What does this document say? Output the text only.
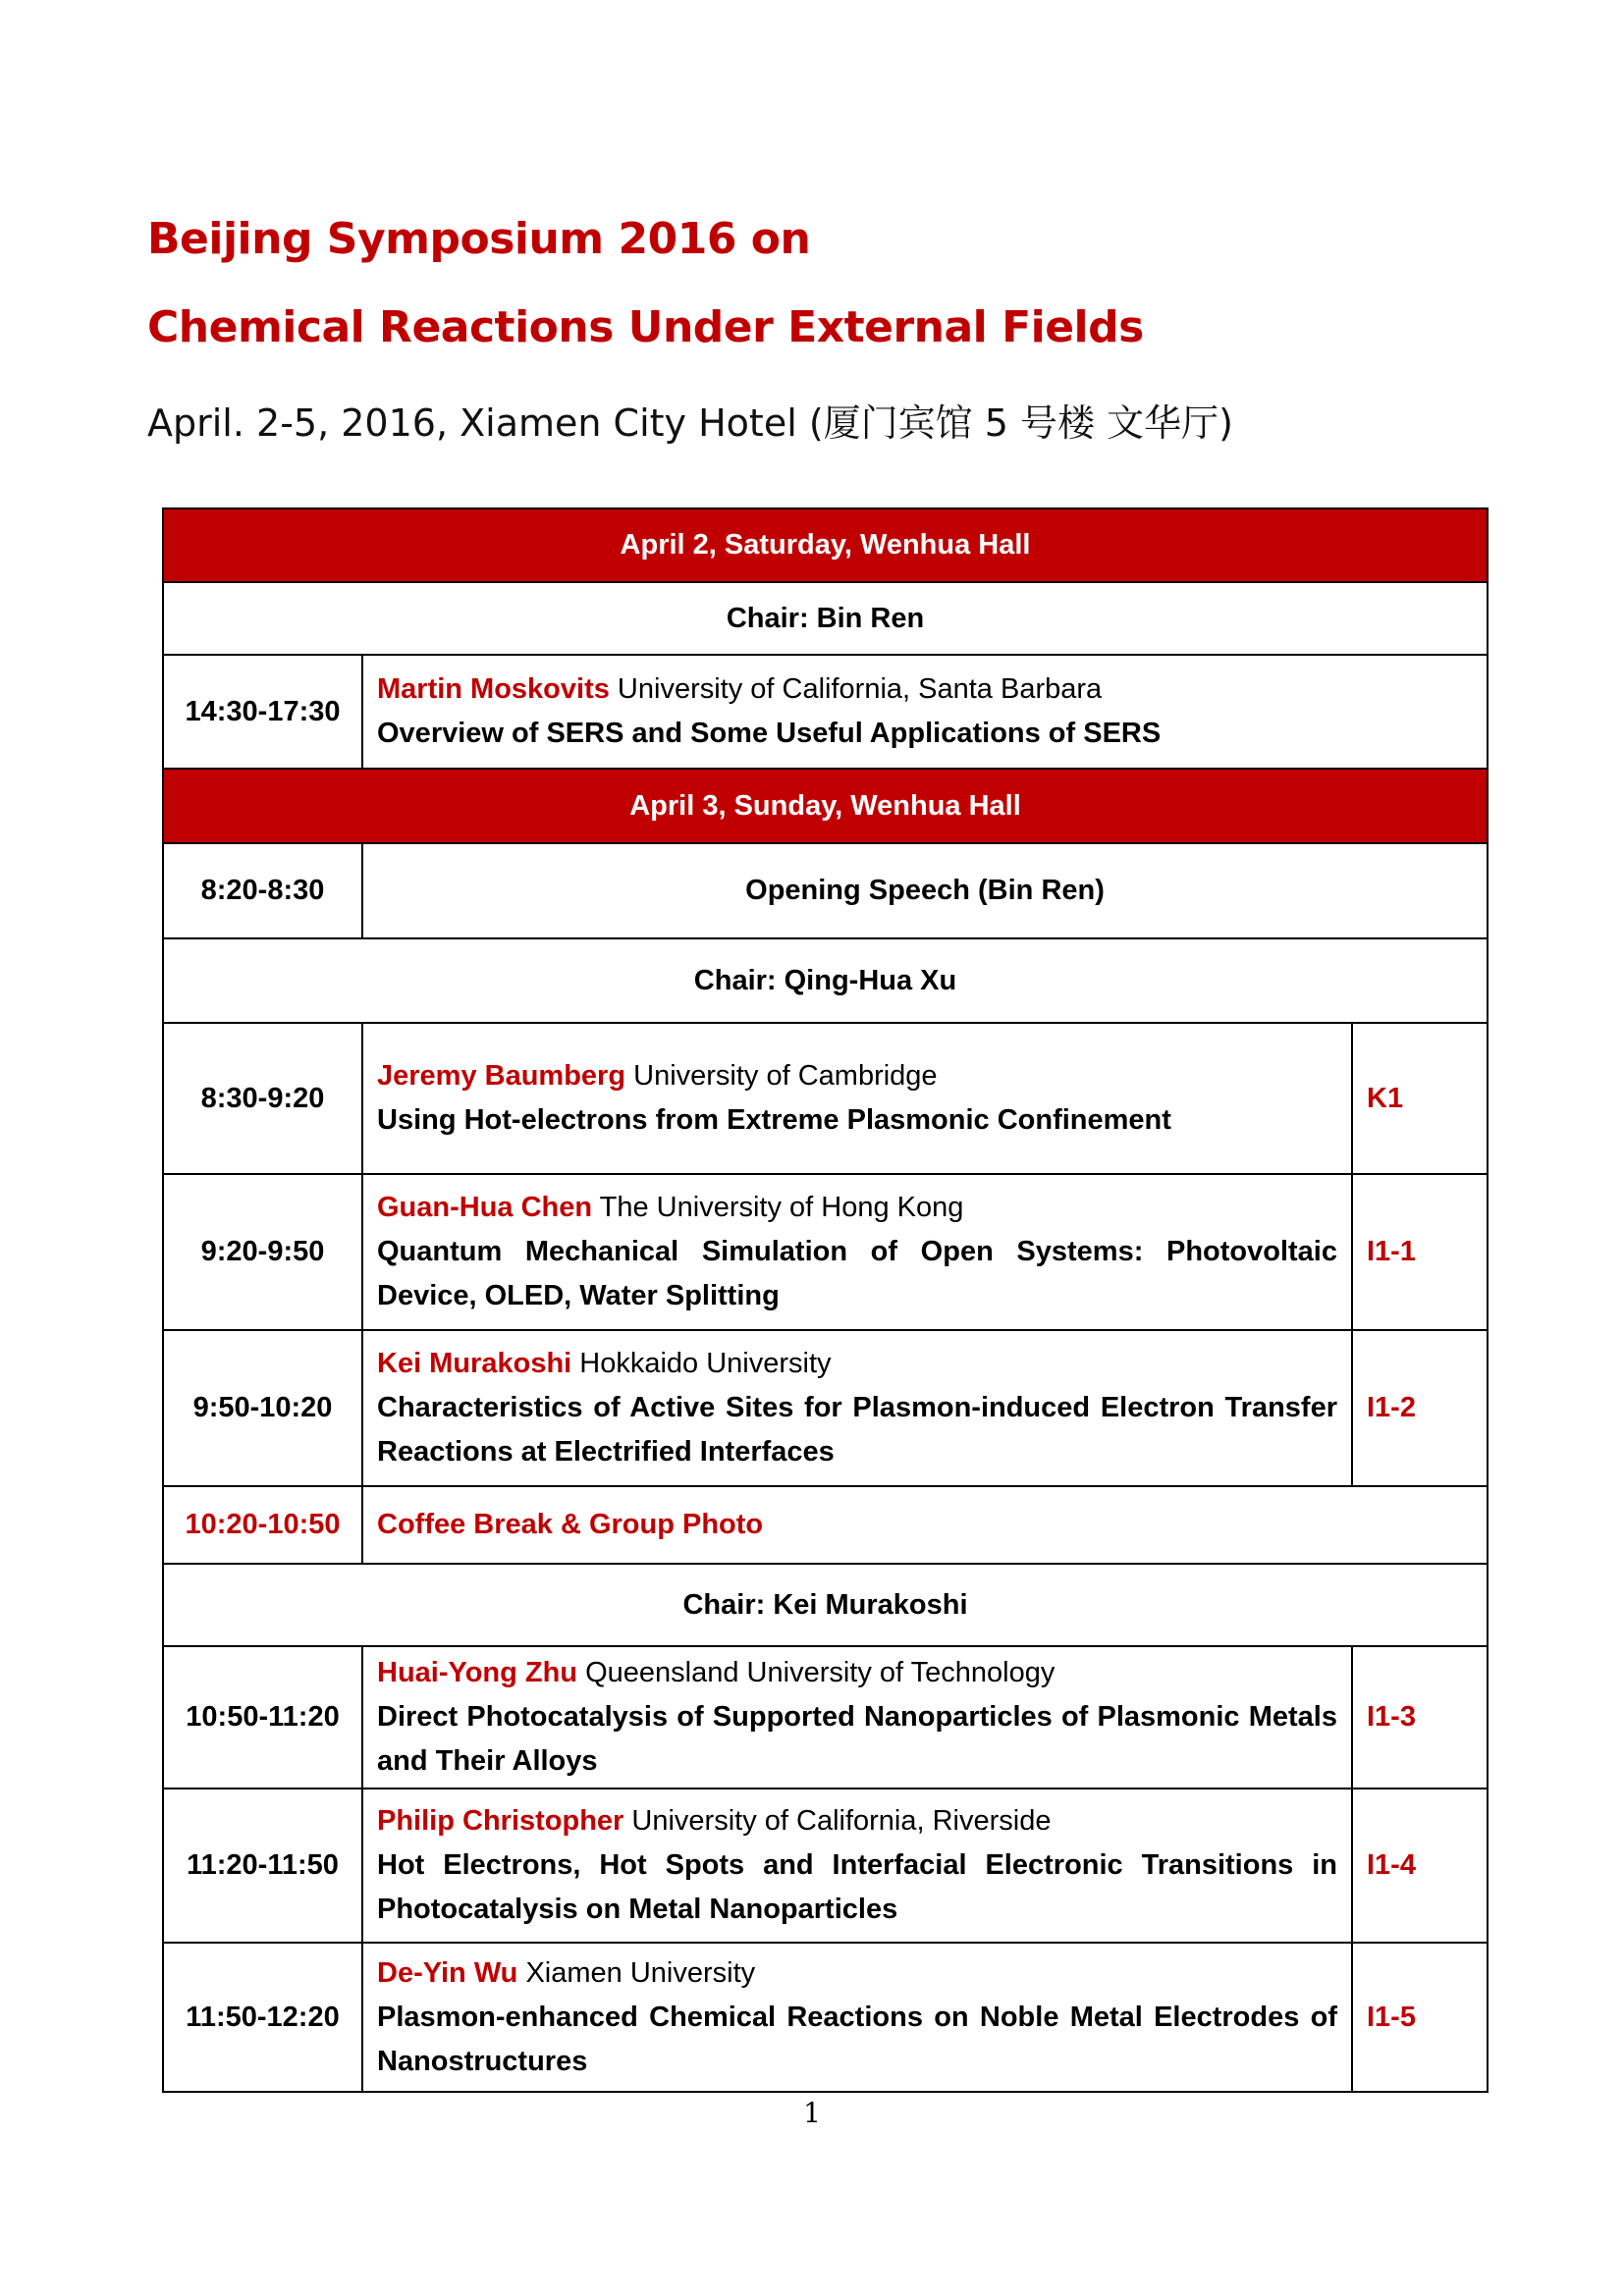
Beijing Symposium 2016 on
Chemical Reactions Under External Fields
April. 2-5, 2016, Xiamen City Hotel (厦门宾馆 5 号楼 文华厅)
April 2, Saturday, Wenhua Hall		
Chair: Bin Ren		
14:30-17:30	Martin Moskovits University of California, Santa Barbara
Overview of SERS and Some Useful Applications of SERS	

April 3, Sunday, Wenhua Hall		
8:20-8:30	Opening Speech (Bin Ren)	
Chair: Qing-Hua Xu		
8:30-9:20	Jeremy Baumberg University of Cambridge
Using Hot-electrons from Extreme Plasmonic Confinement	K1
9:20-9:50	Guan-Hua Chen The University of Hong Kong
Quantum Mechanical Simulation of Open Systems: Photovoltaic Device, OLED, Water Splitting	I1-1
9:50-10:20	Kei Murakoshi Hokkaido University
Characteristics of Active Sites for Plasmon-induced Electron Transfer Reactions at Electrified Interfaces	I1-2
10:20-10:50	Coffee Break & Group Photo	
Chair: Kei Murakoshi		
10:50-11:20	Huai-Yong Zhu Queensland University of Technology
Direct Photocatalysis of Supported Nanoparticles of Plasmonic Metals and Their Alloys	I1-3
11:20-11:50	Philip Christopher University of California, Riverside
Hot Electrons, Hot Spots and Interfacial Electronic Transitions in Photocatalysis on Metal Nanoparticles	I1-4
11:50-12:20	De-Yin Wu Xiamen University
Plasmon-enhanced Chemical Reactions on Noble Metal Electrodes of Nanostructures	I1-5
1
